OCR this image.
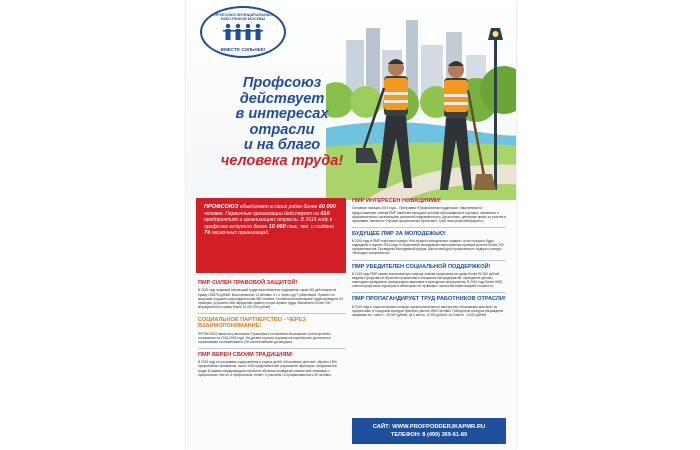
ПРОФСОЮЗ МУНИЦИПАЛЬНЫХ РАБОТНИКОВ МОСКВЫ
ВМЕСТЕ СИЛЬНЕЕ!
Профсоюз
действует
в интересах
отрасли
и на благо
человека труда!
ПРОФСОЮЗ объединяет в своих рядах более 60 000 человек. Первичные организации действуют на 410 предприятиях и организациях отрасли. В 2015 году в профсоюз вступило более 10 000 тыс. чел. и создано 74 первичных организаций.
ПМР СИЛЕН ПРАВОВОЙ ЗАЩИТОЙ!
В 2015 году правовой инспекцией труда восстановлено нарушенных прав 145 работников на сумму 106978 рублей. Восстановлено 13 человек, в т.ч. через суд 7 работников. Принято по вопросам трудового законодательства 980 человек. Технической инспекцией труда проведено 94 проверки, устранено 388 нарушений правил и норм охраны труда. Выполнено более 200 мероприятий на сумму более 15 000 000 рублей.
СОЦИАЛЬНОЕ ПАРТНЕРСТВО - ЧЕРЕЗ ВЗАИМОПОНИМАНИЕ!
ПРОФСОЮЗ является участником Отраслевого соглашения Московского трехстороннего соглашения на 2016-2018 годы. На уровне отрасли социальное партнерство достигается отраслевыми соглашениями и 230 коллективными договорами.
ПМР ВЕРЕН СВОИМ ТРАДИЦИЯМ!
В 2015 году по программе оздоровления и отдыха детей «Московское детство» обучено 1500 профсоюзных активистов, около 1000 представителей социальных партнеров, специалистов труда. В рамках международных проектов обучения проведены совместные семинары с профсоюзом «Ver.di» и профсоюзом «Unite» с участием 15 профактивистов и 30 человек.
ПМР ИНТЕРЕСЕН НОВАЦИЯМИ!
Основные новации 2015 года – Программа «Профсоюзная поддержка», нацеленная на предоставление членам ПМР наиболее выгодных условий обслуживания в торговых, сервисных и образовательных организациях различной направленности. Дисконтные, денежные призы за участие в программе, являются «Лучший профсоюзный бухгалтер». Сайт www.profpodderjkapmr.ru
БУДУЩЕЕ ПМР ЗА МОЛОДЕЖЬЮ!
В 2015 году в ПМР стартовал конкурс «На лучшего молодежного лидера», итоги которого будут подведены в апреле 2016 года. В отраслевых молодежных мероприятиях приняли участие более 200 профактивистов. Проведены Молодежный форум, Школа молодого профсоюзного лидера и конкурс «Молодые специалисты».
ПМР УБЕДИТЕЛЕН СОЦИАЛЬНОЙ ПОДДЕРЖКОЙ!
В 2015 году ПМР оказал материальную помощь членам профсоюза на сумму более 60 000 рублей, выделил средства на обучение профактива и специалистов предприятий, проведение детских новогодних праздников, физкультурно-массовые и культурные мероприятия. В 2015 году более 5000 членов профсоюза отдохнули в санаториях по путевкам с частичной компенсацией стоимости.
ПМР ПРОПАГАНДИРУЕТ ТРУД РАБОТНИКОВ ОТРАСЛИ!
В 2015 году в отрасли прошел конкурс профессионального мастерства «Московские мастера» по профессиям, в городском конкурсе приняли участие 2500 человек. Победители конкурса награждены премиями за 1 место - 10 000 рублей, за 2 место - 8 000 рублей, за 3 место - 6 000 рублей.
САЙТ: WWW.PROFPODDERJKAPMR.RU
ТЕЛЕФОН: 8 (499) 369-61-89
